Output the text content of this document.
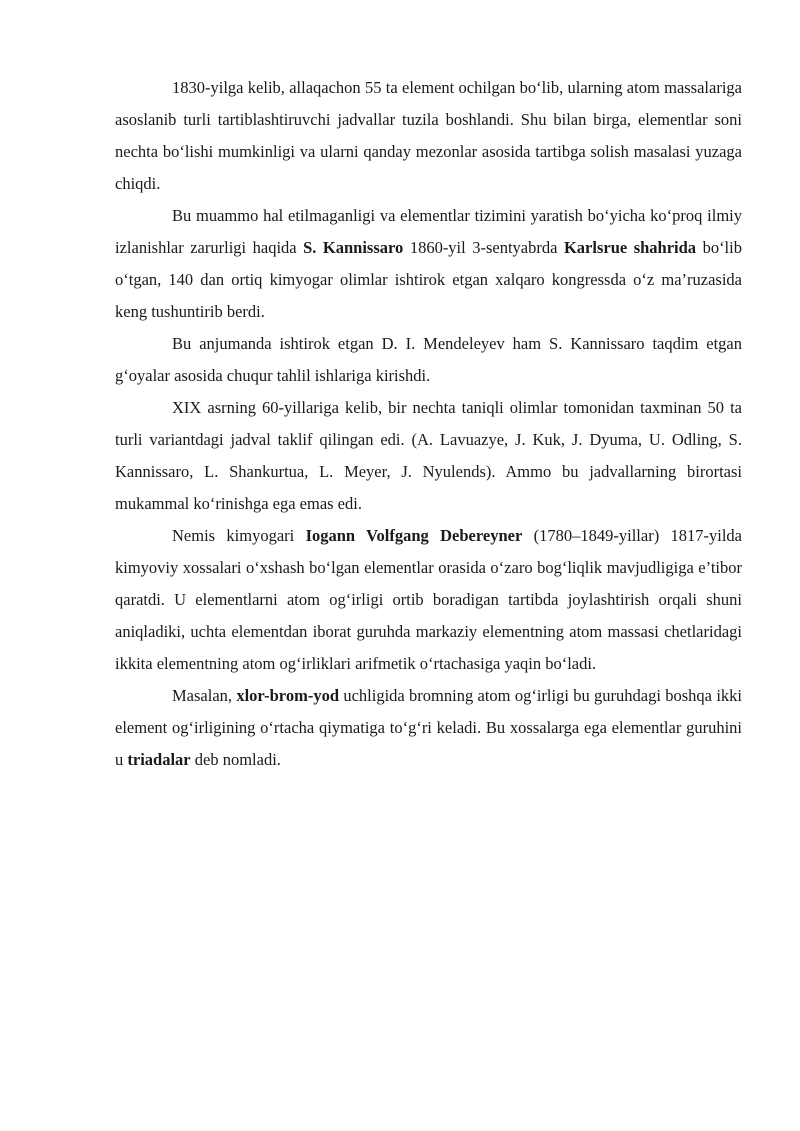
1830-yilga kelib, allaqachon 55 ta element ochilgan bo‘lib, ularning atom massalariga asoslanib turli tartiblashtiruvchi jadvallar tuzila boshlandi. Shu bilan birga, elementlar soni nechta bo‘lishi mumkinligi va ularni qanday mezonlar asosida tartibga solish masalasi yuzaga chiqdi.

Bu muammo hal etilmaganligi va elementlar tizimini yaratish bo‘yicha ko‘proq ilmiy izlanishlar zarurligi haqida S. Kannissaro 1860-yil 3-sentyabrda Karlsrue shahrida bo‘lib o‘tgan, 140 dan ortiq kimyogar olimlar ishtirok etgan xalqaro kongressda o‘z ma’ruzasida keng tushuntirib berdi.

Bu anjumanda ishtirok etgan D. I. Mendeleyev ham S. Kannissaro taqdim etgan g‘oyalar asosida chuqur tahlil ishlariga kirishdi.

XIX asrning 60-yillariga kelib, bir nechta taniqli olimlar tomonidan taxminan 50 ta turli variantdagi jadval taklif qilingan edi. (A. Lavuazye, J. Kuk, J. Dyuma, U. Odling, S. Kannissaro, L. Shankurtua, L. Meyer, J. Nyulends). Ammo bu jadvallarning birortasi mukammal ko‘rinishga ega emas edi.

Nemis kimyogari Iogann Volfgang Debereyner (1780–1849-yillar) 1817-yilda kimyoviy xossalari o‘xshash bo‘lgan elementlar orasida o‘zaro bog‘liqlik mavjudligiga e’tibor qaratdi. U elementlarni atom og‘irligi ortib boradigan tartibda joylashtirish orqali shuni aniqladiki, uchta elementdan iborat guruhda markaziy elementning atom massasi chetlaridagi ikkita elementning atom og‘irliklari arifmetik o‘rtachasiga yaqin bo‘ladi.

Masalan, xlor-brom-yod uchligida bromning atom og‘irligi bu guruhdagi boshqa ikki element og‘irligining o‘rtacha qiymatiga to‘g‘ri keladi. Bu xossalarga ega elementlar guruhini u triadalar deb nomladi.
